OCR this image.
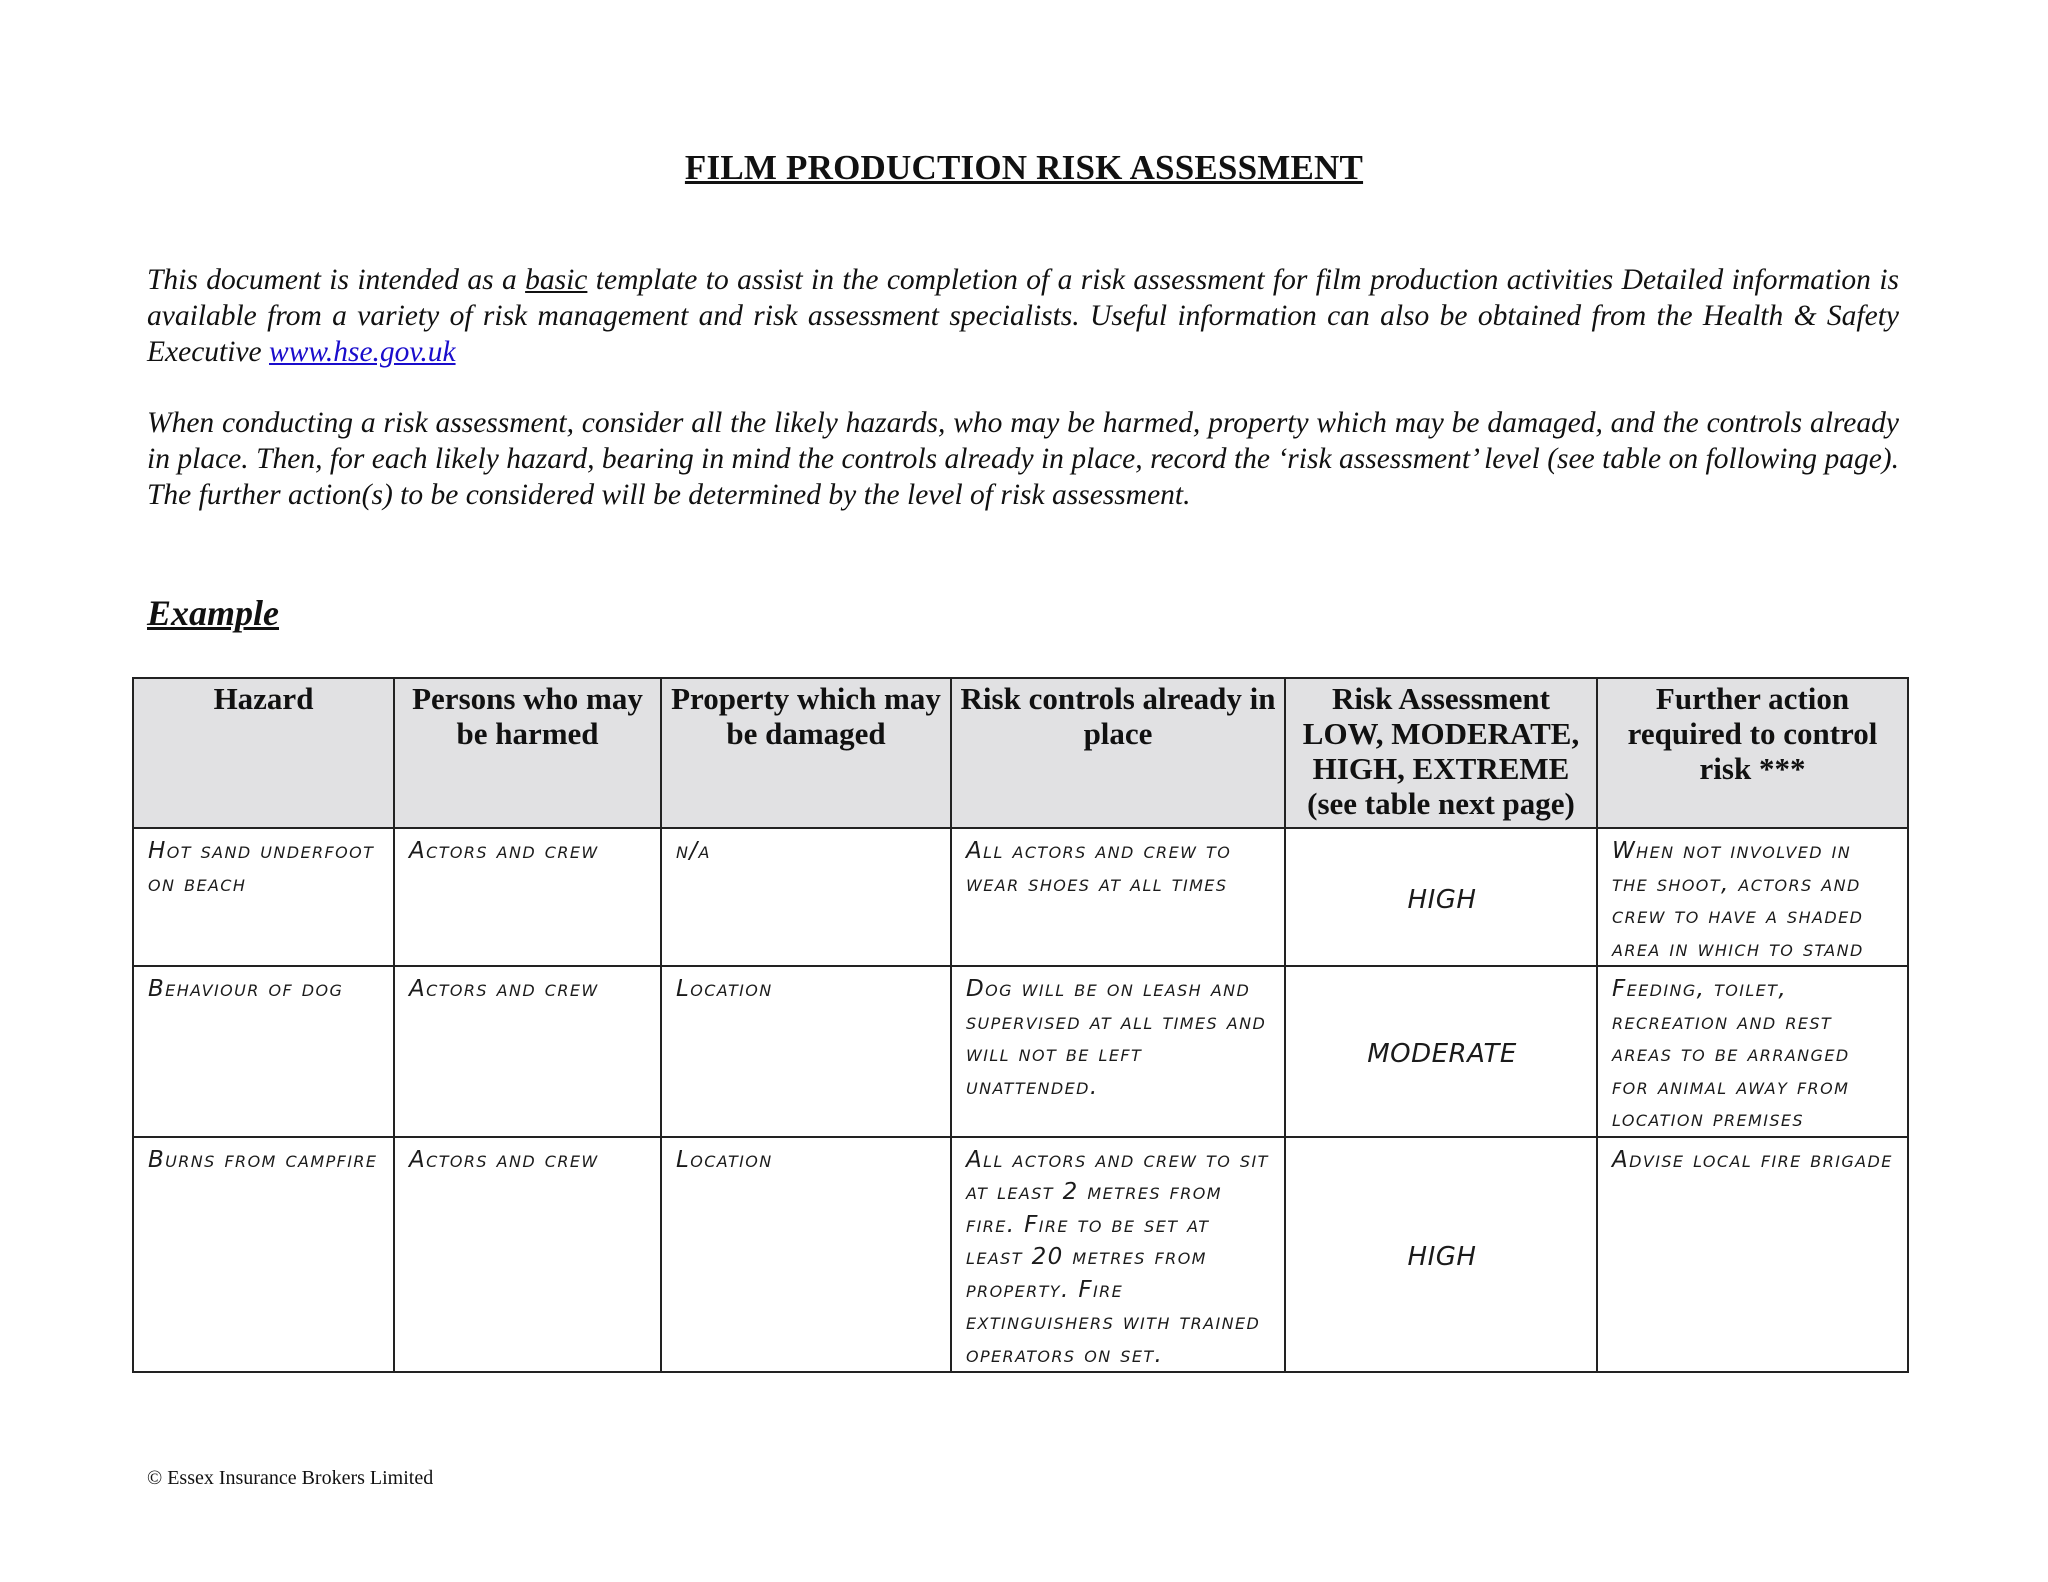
FILM PRODUCTION RISK ASSESSMENT
This document is intended as a basic template to assist in the completion of a risk assessment for film production activities Detailed information is available from a variety of risk management and risk assessment specialists. Useful information can also be obtained from the Health & Safety Executive www.hse.gov.uk
When conducting a risk assessment, consider all the likely hazards, who may be harmed, property which may be damaged, and the controls already in place. Then, for each likely hazard, bearing in mind the controls already in place, record the ‘risk assessment’ level (see table on following page). The further action(s) to be considered will be determined by the level of risk assessment.
Example
Hazard	Persons who may be harmed	Property which may be damaged	Risk controls already in place	Risk Assessment LOW, MODERATE, HIGH, EXTREME (see table next page)	Further action required to control risk ***
Hot sand underfoot on beach	Actors and crew	n/a	All actors and crew to wear shoes at all times	HIGH	When not involved in the shoot, actors and crew to have a shaded area in which to stand
Behaviour of dog	Actors and crew	Location	Dog will be on leash and supervised at all times and will not be left unattended.	MODERATE	Feeding, toilet, recreation and rest areas to be arranged for animal away from location premises
Burns from campfire	Actors and crew	Location	All actors and crew to sit at least 2 metres from fire. Fire to be set at least 20 metres from property. Fire extinguishers with trained operators on set.	HIGH	Advise local fire brigade
© Essex Insurance Brokers Limited
